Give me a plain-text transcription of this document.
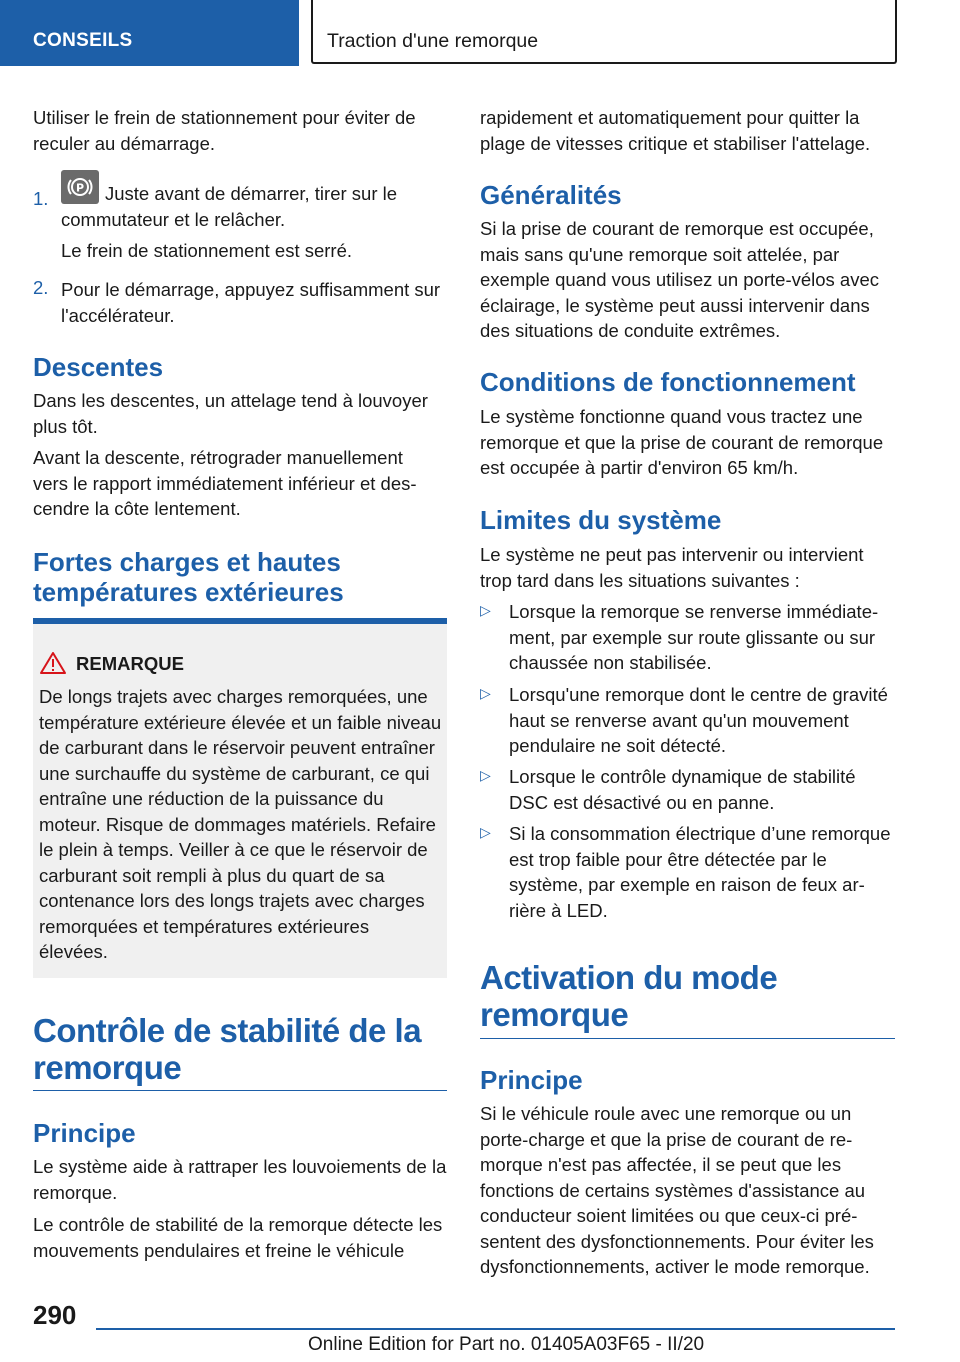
CONSEILS	Traction d'une remorque

Utiliser le frein de stationnement pour éviter de reculer au démarrage.

1.	P Juste avant de démarrer, tirer sur le commutateur et le relâcher.

Le frein de stationnement est serré.

2. Pour le démarrage, appuyez suffisamment sur l'accélérateur.

Descentes

Dans les descentes, un attelage tend à louvoyer plus tôt.

Avant la descente, rétrograder manuellement vers le rapport immédiatement inférieur et descendre la côte lentement.

Fortes charges et hautes températures extérieures
REMARQUE

De longs trajets avec charges remorquées, une température extérieure élevée et un faible niveau de carburant dans le réservoir peuvent entraîner une surchauffe du système de carburant, ce qui entraîne une réduction de la puissance du moteur. Risque de dommages matériels. Refaire le plein à temps. Veiller à ce que le réservoir de carburant soit rempli à plus du quart de sa contenance lors des longs trajets avec charges remorquées et températures extérieures élevées.

Contrôle de stabilité de la remorque
Principe

Le système aide à rattraper les louvoiements de la remorque.

Le contrôle de stabilité de la remorque détecte les mouvements pendulaires et freine le véhicule

rapidement et automatiquement pour quitter la plage de vitesses critique et stabiliser l'attelage.

Généralités

Si la prise de courant de remorque est occupée, mais sans qu'une remorque soit attelée, par exemple quand vous utilisez un porte-vélos avec éclairage, le système peut aussi intervenir dans des situations de conduite extrêmes.

Conditions de fonctionnement

Le système fonctionne quand vous tractez une remorque et que la prise de courant de remorque est occupée à partir d'environ 65 km/h.

Limites du système

Le système ne peut pas intervenir ou intervient trop tard dans les situations suivantes :

▷ Lorsque la remorque se renverse immédiatement, par exemple sur route glissante ou sur chaussée non stabilisée.

▷ Lorsqu'une remorque dont le centre de gravité haut se renverse avant qu'un mouvement pendulaire ne soit détecté.

▷ Lorsque le contrôle dynamique de stabilité DSC est désactivé ou en panne.

▷ Si la consommation électrique d’une remorque est trop faible pour être détectée par le système, par exemple en raison de feux arrière à LED.

Activation du mode remorque
Principe

Si le véhicule roule avec une remorque ou un porte-charge et que la prise de courant de remorque n'est pas affectée, il se peut que les fonctions de certains systèmes d'assistance au conducteur soient limitées ou que ceux-ci présentent des dysfonctionnements. Pour éviter les dysfonctionnements, activer le mode remorque.

290
Online Edition for Part no. 01405A03F65 - II/20
